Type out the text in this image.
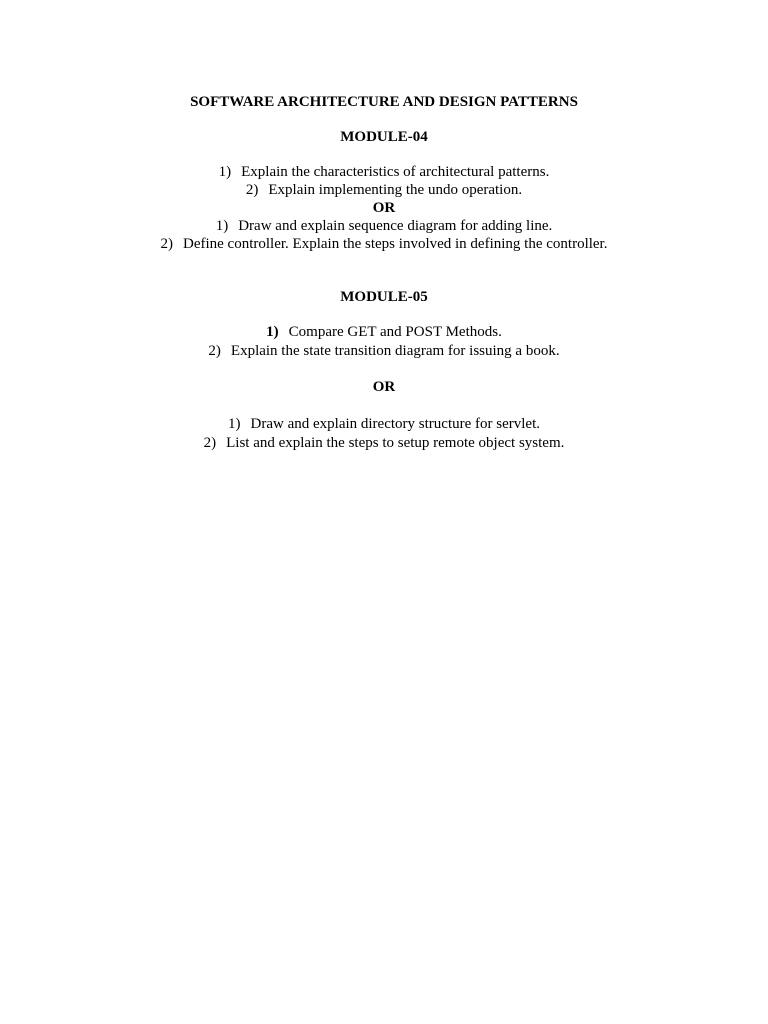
SOFTWARE ARCHITECTURE AND DESIGN PATTERNS
MODULE-04
1) Explain the characteristics of architectural patterns.
2) Explain implementing the undo operation.
OR
1) Draw and explain sequence diagram for adding line.
2) Define controller. Explain the steps involved in defining the controller.
MODULE-05
1) Compare GET and POST Methods.
2) Explain the state transition diagram for issuing a book.
OR
1) Draw and explain directory structure for servlet.
2) List and explain the steps to setup remote object system.
